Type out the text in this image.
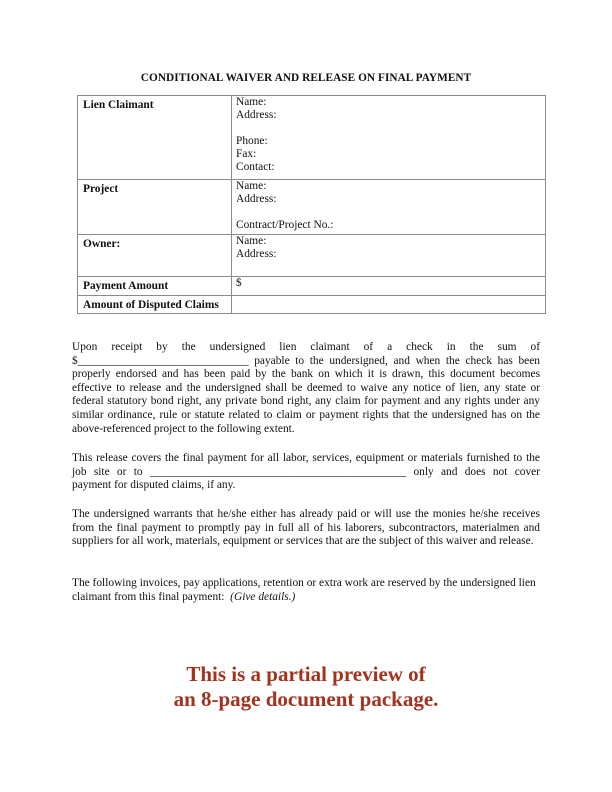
CONDITIONAL WAIVER AND RELEASE ON FINAL PAYMENT
Lien Claimant	Name:
Address:
Phone:
Fax:
Contact:

Project	Name:
Address:
Contract/Project No.:

Owner:	Name:
Address:

Payment Amount	$
Amount of Disputed Claims	
Upon receipt by the undersigned lien claimant of a check in the sum of $______________________________ payable to the undersigned, and when the check has been properly endorsed and has been paid by the bank on which it is drawn, this document becomes effective to release and the undersigned shall be deemed to waive any notice of lien, any state or federal statutory bond right, any private bond right, any claim for payment and any rights under any similar ordinance, rule or statute related to claim or payment rights that the undersigned has on the above-referenced project to the following extent.
This release covers the final payment for all labor, services, equipment or materials furnished to the job site or to _____________________________________________ only and does not cover payment for disputed claims, if any.
The undersigned warrants that he/she either has already paid or will use the monies he/she receives from the final payment to promptly pay in full all of his laborers, subcontractors, materialmen and suppliers for all work, materials, equipment or services that are the subject of this waiver and release.
The following invoices, pay applications, retention or extra work are reserved by the undersigned lien claimant from this final payment:  (Give details.)
This is a partial preview of
an 8-page document package.
